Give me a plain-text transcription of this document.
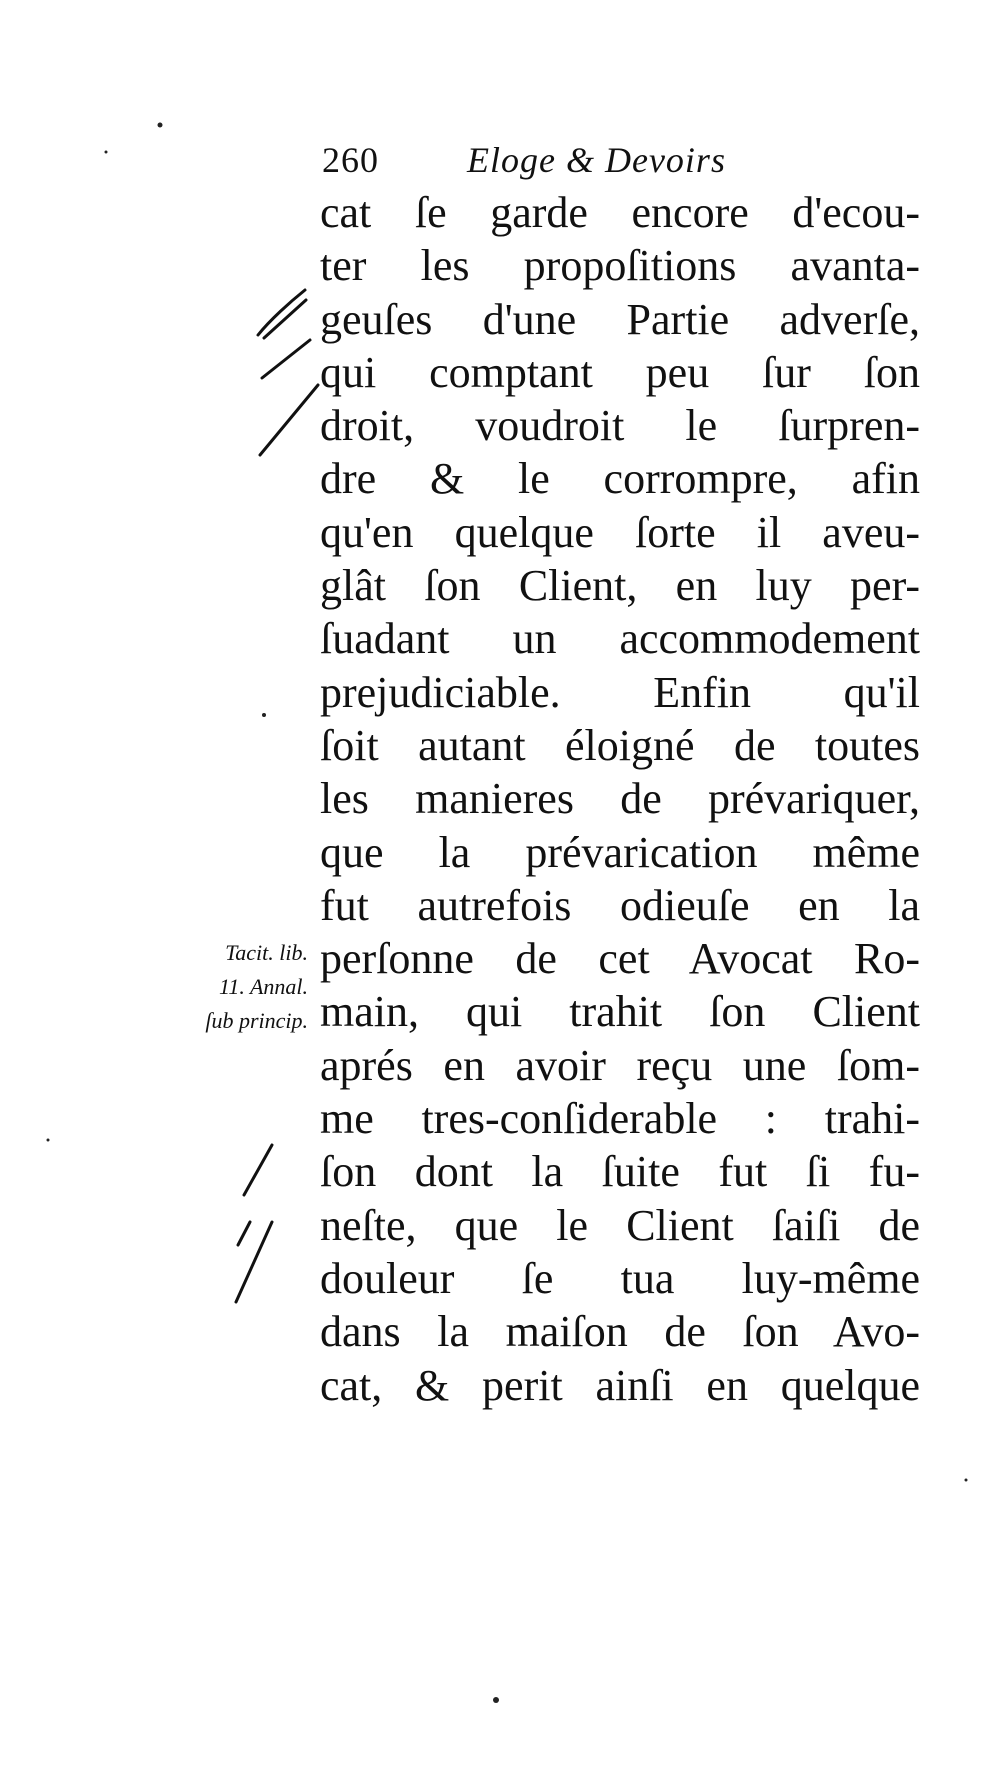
260 Eloge & Devoirs
cat ſe garde encore d'ecou-
ter les propoſitions avanta-
geuſes d'une Partie adverſe,
qui comptant peu ſur ſon
droit, voudroit le ſurpren-
dre & le corrompre, afin
qu'en quelque ſorte il aveu-
glât ſon Client, en luy per-
ſuadant un accommodement
prejudiciable. Enfin qu'il
ſoit autant éloigné de toutes
les manieres de prévariquer,
que la prévarication même
fut autrefois odieuſe en la
perſonne de cet Avocat Ro-
main, qui trahit ſon Client
aprés en avoir reçu une ſom-
me tres-conſiderable : trahi-
ſon dont la ſuite fut ſi fu-
neſte, que le Client ſaiſi de
douleur ſe tua luy-même
dans la maiſon de ſon Avo-
cat, & perit ainſi en quelque
Tacit. lib.
11. Annal.
ſub princip.
